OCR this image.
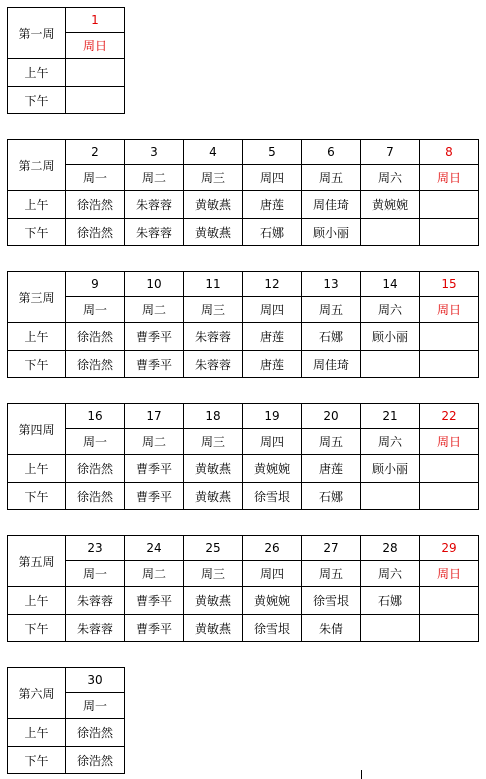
第一周	1
	周日
上午	
下午	
第二周	2	3	4	5	6	7	8
	周一	周二	周三	周四	周五	周六	周日
上午	徐浩然	朱蓉蓉	黄敏燕	唐莲	周佳琦	黄婉婉	
下午	徐浩然	朱蓉蓉	黄敏燕	石娜	顾小丽		
第三周	9	10	11	12	13	14	15
	周一	周二	周三	周四	周五	周六	周日
上午	徐浩然	曹季平	朱蓉蓉	唐莲	石娜	顾小丽	
下午	徐浩然	曹季平	朱蓉蓉	唐莲	周佳琦		
第四周	16	17	18	19	20	21	22
	周一	周二	周三	周四	周五	周六	周日
上午	徐浩然	曹季平	黄敏燕	黄婉婉	唐莲	顾小丽	
下午	徐浩然	曹季平	黄敏燕	徐雪垠	石娜		
第五周	23	24	25	26	27	28	29
	周一	周二	周三	周四	周五	周六	周日
上午	朱蓉蓉	曹季平	黄敏燕	黄婉婉	徐雪垠	石娜	
下午	朱蓉蓉	曹季平	黄敏燕	徐雪垠	朱倩		
第六周	30
	周一
上午	徐浩然
下午	徐浩然
